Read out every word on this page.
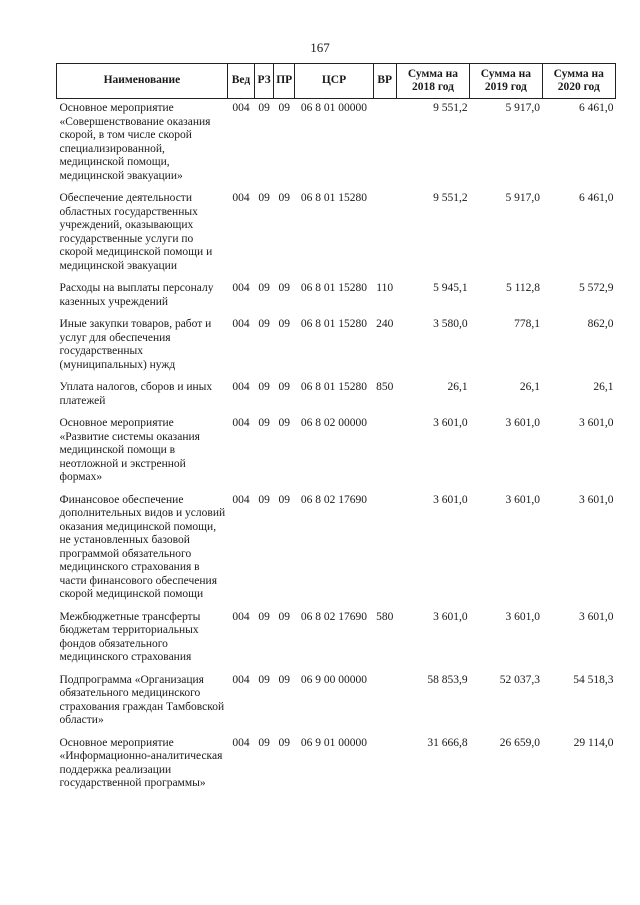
167
Наименование	Вед	РЗ	ПР	ЦСР	ВР	Сумма на 2018 год	Сумма на 2019 год	Сумма на 2020 год
Основное мероприятие «Совершенствование оказания скорой, в том числе скорой специализированной, медицинской помощи, медицинской эвакуации»	004	09	09	06 8 01 00000		9 551,2	5 917,0	6 461,0
Обеспечение деятельности областных государственных учреждений, оказывающих государственные услуги по скорой медицинской помощи и медицинской эвакуации	004	09	09	06 8 01 15280		9 551,2	5 917,0	6 461,0
Расходы на выплаты персоналу казенных учреждений	004	09	09	06 8 01 15280	110	5 945,1	5 112,8	5 572,9
Иные закупки товаров, работ и услуг для обеспечения государственных (муниципальных) нужд	004	09	09	06 8 01 15280	240	3 580,0	778,1	862,0
Уплата налогов, сборов и иных платежей	004	09	09	06 8 01 15280	850	26,1	26,1	26,1
Основное мероприятие «Развитие системы оказания медицинской помощи в неотложной и экстренной формах»	004	09	09	06 8 02 00000		3 601,0	3 601,0	3 601,0
Финансовое обеспечение дополнительных видов и условий оказания медицинской помощи, не установленных базовой программой обязательного медицинского страхования в части финансового обеспечения скорой медицинской помощи	004	09	09	06 8 02 17690		3 601,0	3 601,0	3 601,0
Межбюджетные трансферты бюджетам территориальных фондов обязательного медицинского страхования	004	09	09	06 8 02 17690	580	3 601,0	3 601,0	3 601,0
Подпрограмма «Организация обязательного медицинского страхования граждан Тамбовской области»	004	09	09	06 9 00 00000		58 853,9	52 037,3	54 518,3
Основное мероприятие «Информационно-аналитическая поддержка реализации государственной программы»	004	09	09	06 9 01 00000		31 666,8	26 659,0	29 114,0
